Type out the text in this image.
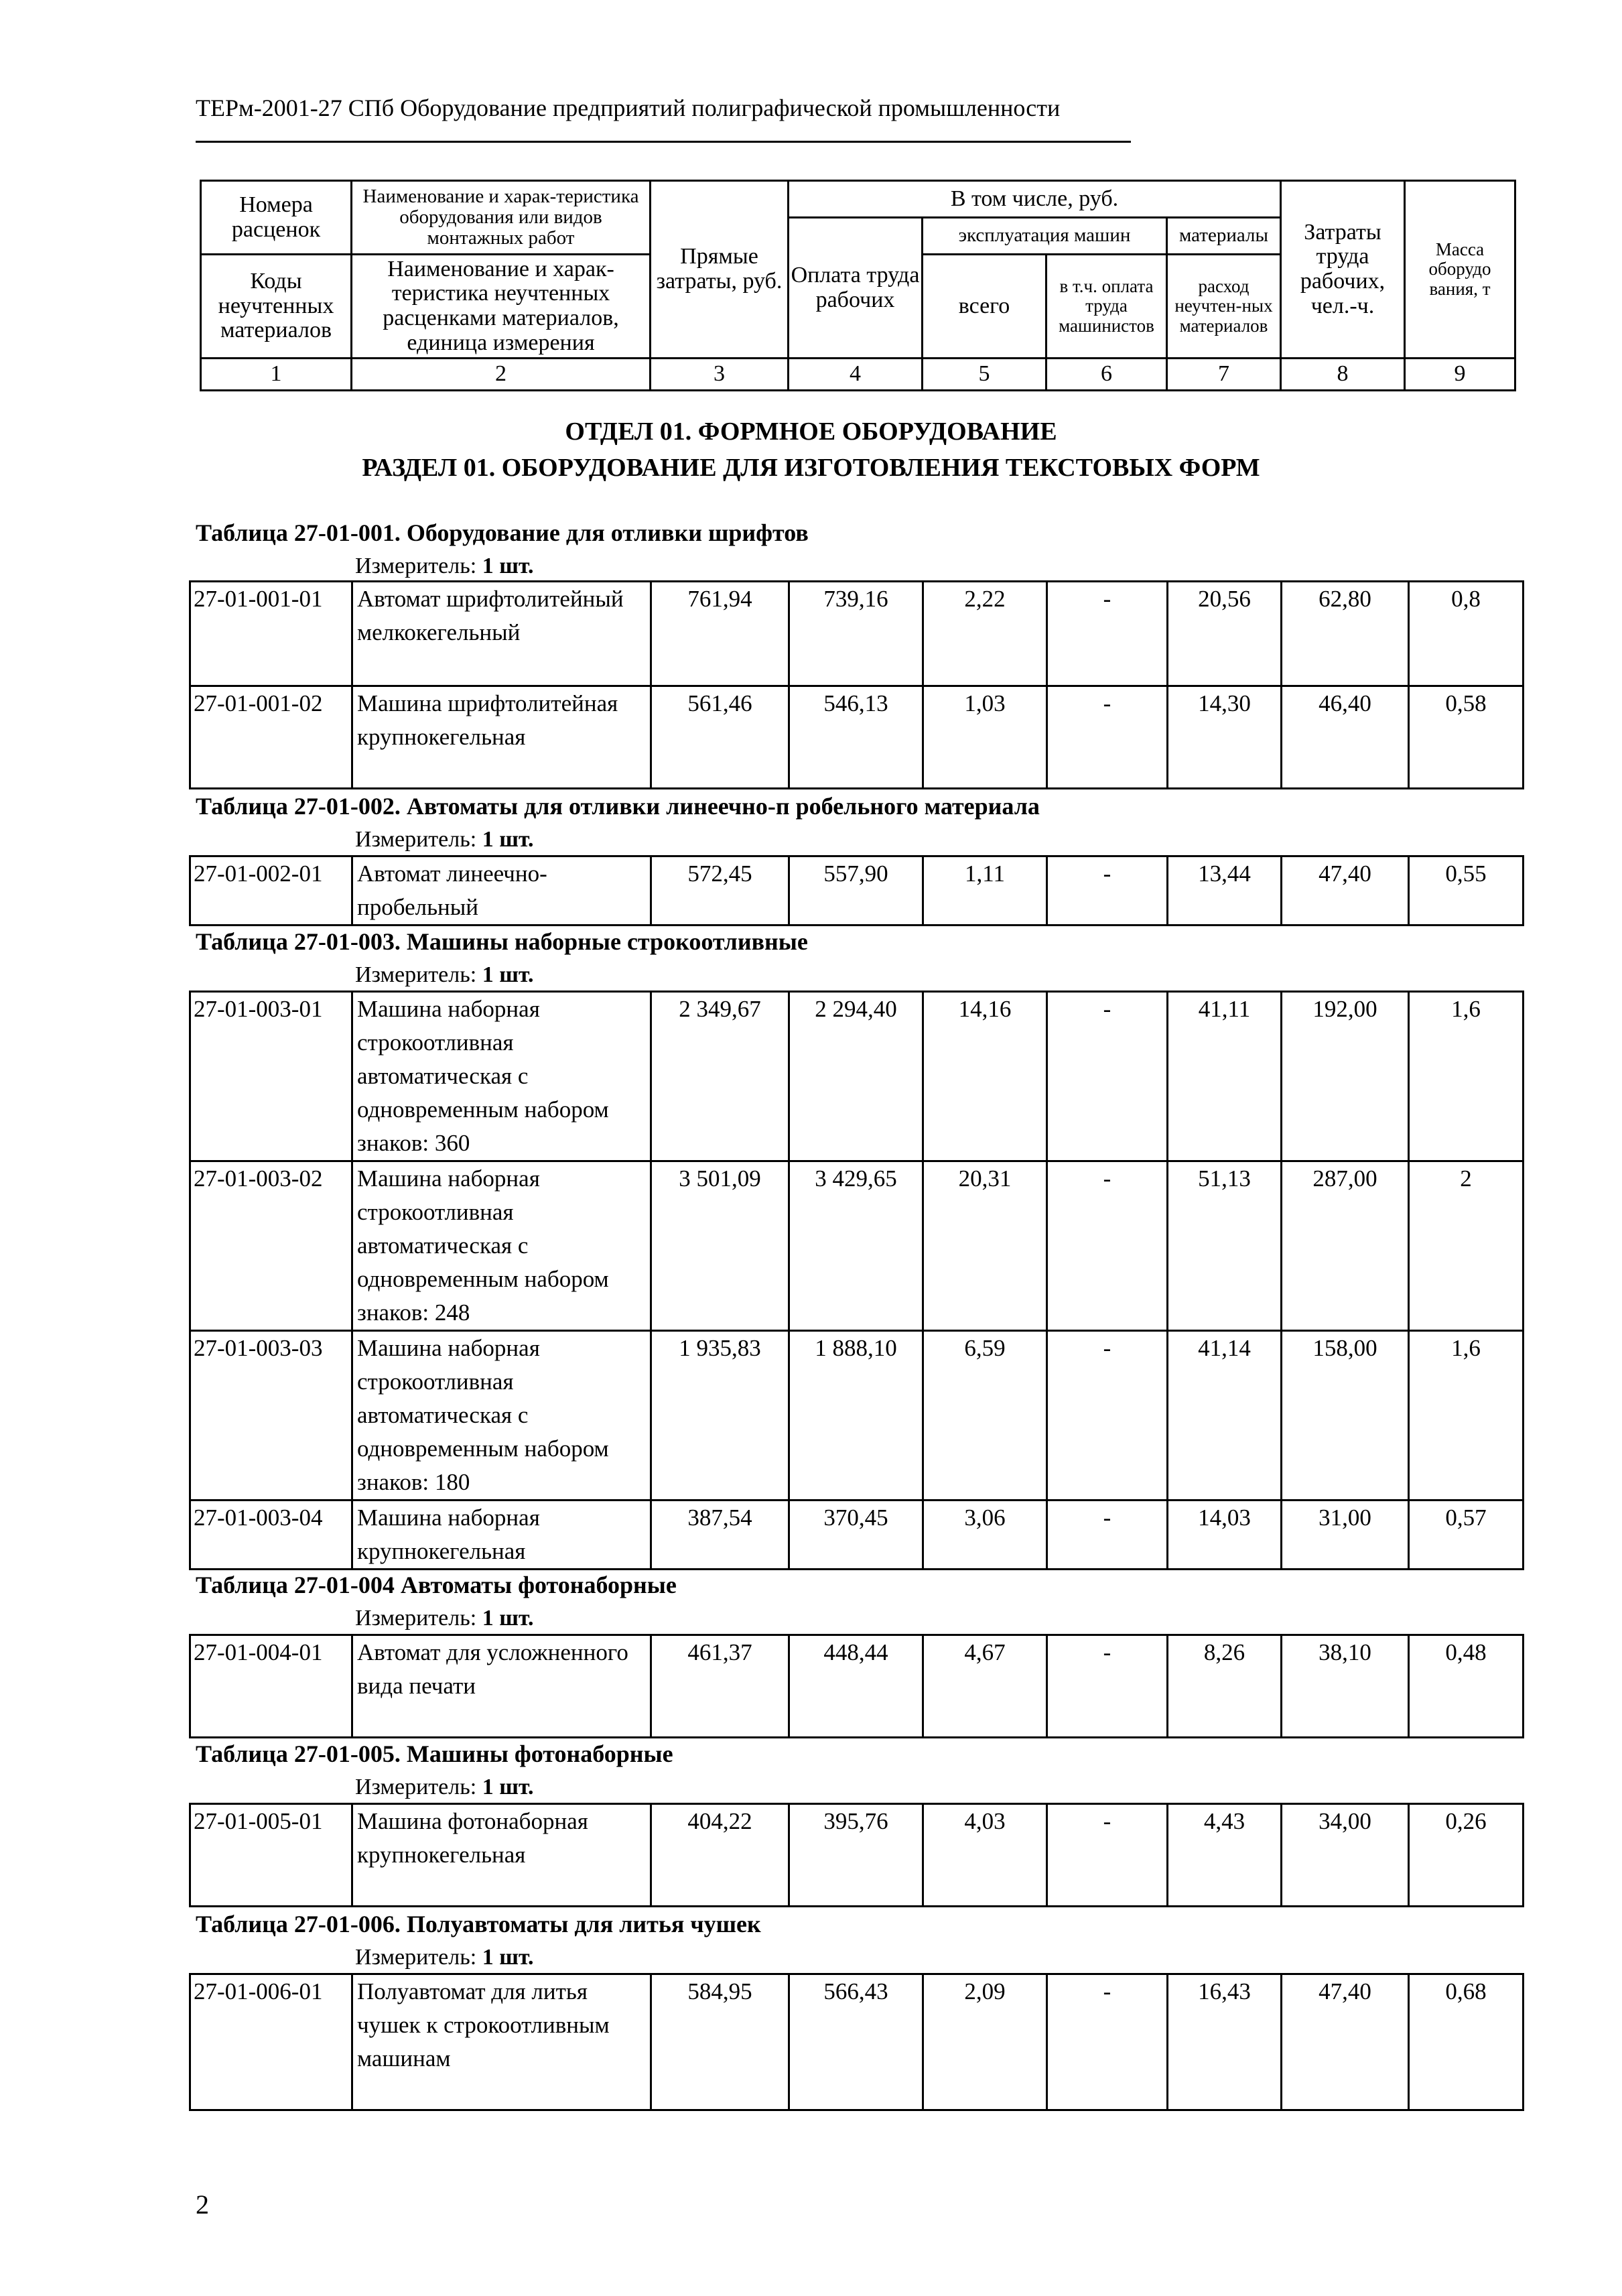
ТЕРм-2001-27 СПб Оборудование предприятий полиграфической промышленности
Номера расценок	Наименование и харак-теристика оборудования или видов монтажных работ	Прямые затраты, руб.	В том числе, руб.				Затраты труда рабочих, чел.-ч.	Масса оборудо вания, т
			Оплата труда рабочих	эксплуатация машин		материалы		
Коды неучтенных материалов	Наименование и харак-теристика неучтенных расценками материалов, единица измерения			всего	в т.ч. оплата труда машинистов	расход неучтен-ных материалов		

1	2	3	4	5	6	7	8	9
ОТДЕЛ 01. ФОРМНОЕ ОБОРУДОВАНИЕ
РАЗДЕЛ 01. ОБОРУДОВАНИЕ ДЛЯ ИЗГОТОВЛЕНИЯ ТЕКСТОВЫХ ФОРМ
Таблица 27-01-001. Оборудование для отливки шрифтов
Измеритель: 1 шт.
27-01-001-01	Автомат шрифтолитейный мелкокегельный	761,94	739,16	2,22	-	20,56	62,80	0,8
27-01-001-02	Машина шрифтолитейная крупнокегельная	561,46	546,13	1,03	-	14,30	46,40	0,58
Таблица 27-01-002. Автоматы для отливки линеечно-п робельного материала
Измеритель: 1 шт.
27-01-002-01	Автомат линеечно-пробельный	572,45	557,90	1,11	-	13,44	47,40	0,55
Таблица 27-01-003. Машины наборные строкоотливные
Измеритель: 1 шт.
27-01-003-01	Машина наборная строкоотливная автоматическая с одновременным набором знаков: 360	2 349,67	2 294,40	14,16	-	41,11	192,00	1,6
27-01-003-02	Машина наборная строкоотливная автоматическая с одновременным набором знаков: 248	3 501,09	3 429,65	20,31	-	51,13	287,00	2
27-01-003-03	Машина наборная строкоотливная автоматическая с одновременным набором знаков: 180	1 935,83	1 888,10	6,59	-	41,14	158,00	1,6
27-01-003-04	Машина наборная крупнокегельная	387,54	370,45	3,06	-	14,03	31,00	0,57
Таблица 27-01-004 Автоматы фотонаборные
Измеритель: 1 шт.
27-01-004-01	Автомат для усложненного вида печати	461,37	448,44	4,67	-	8,26	38,10	0,48
Таблица 27-01-005. Машины фотонаборные
Измеритель: 1 шт.
27-01-005-01	Машина фотонаборная крупнокегельная	404,22	395,76	4,03	-	4,43	34,00	0,26
Таблица 27-01-006. Полуавтоматы для литья чушек
Измеритель: 1 шт.
27-01-006-01	Полуавтомат для литья чушек к строкоотливным машинам	584,95	566,43	2,09	-	16,43	47,40	0,68
2
